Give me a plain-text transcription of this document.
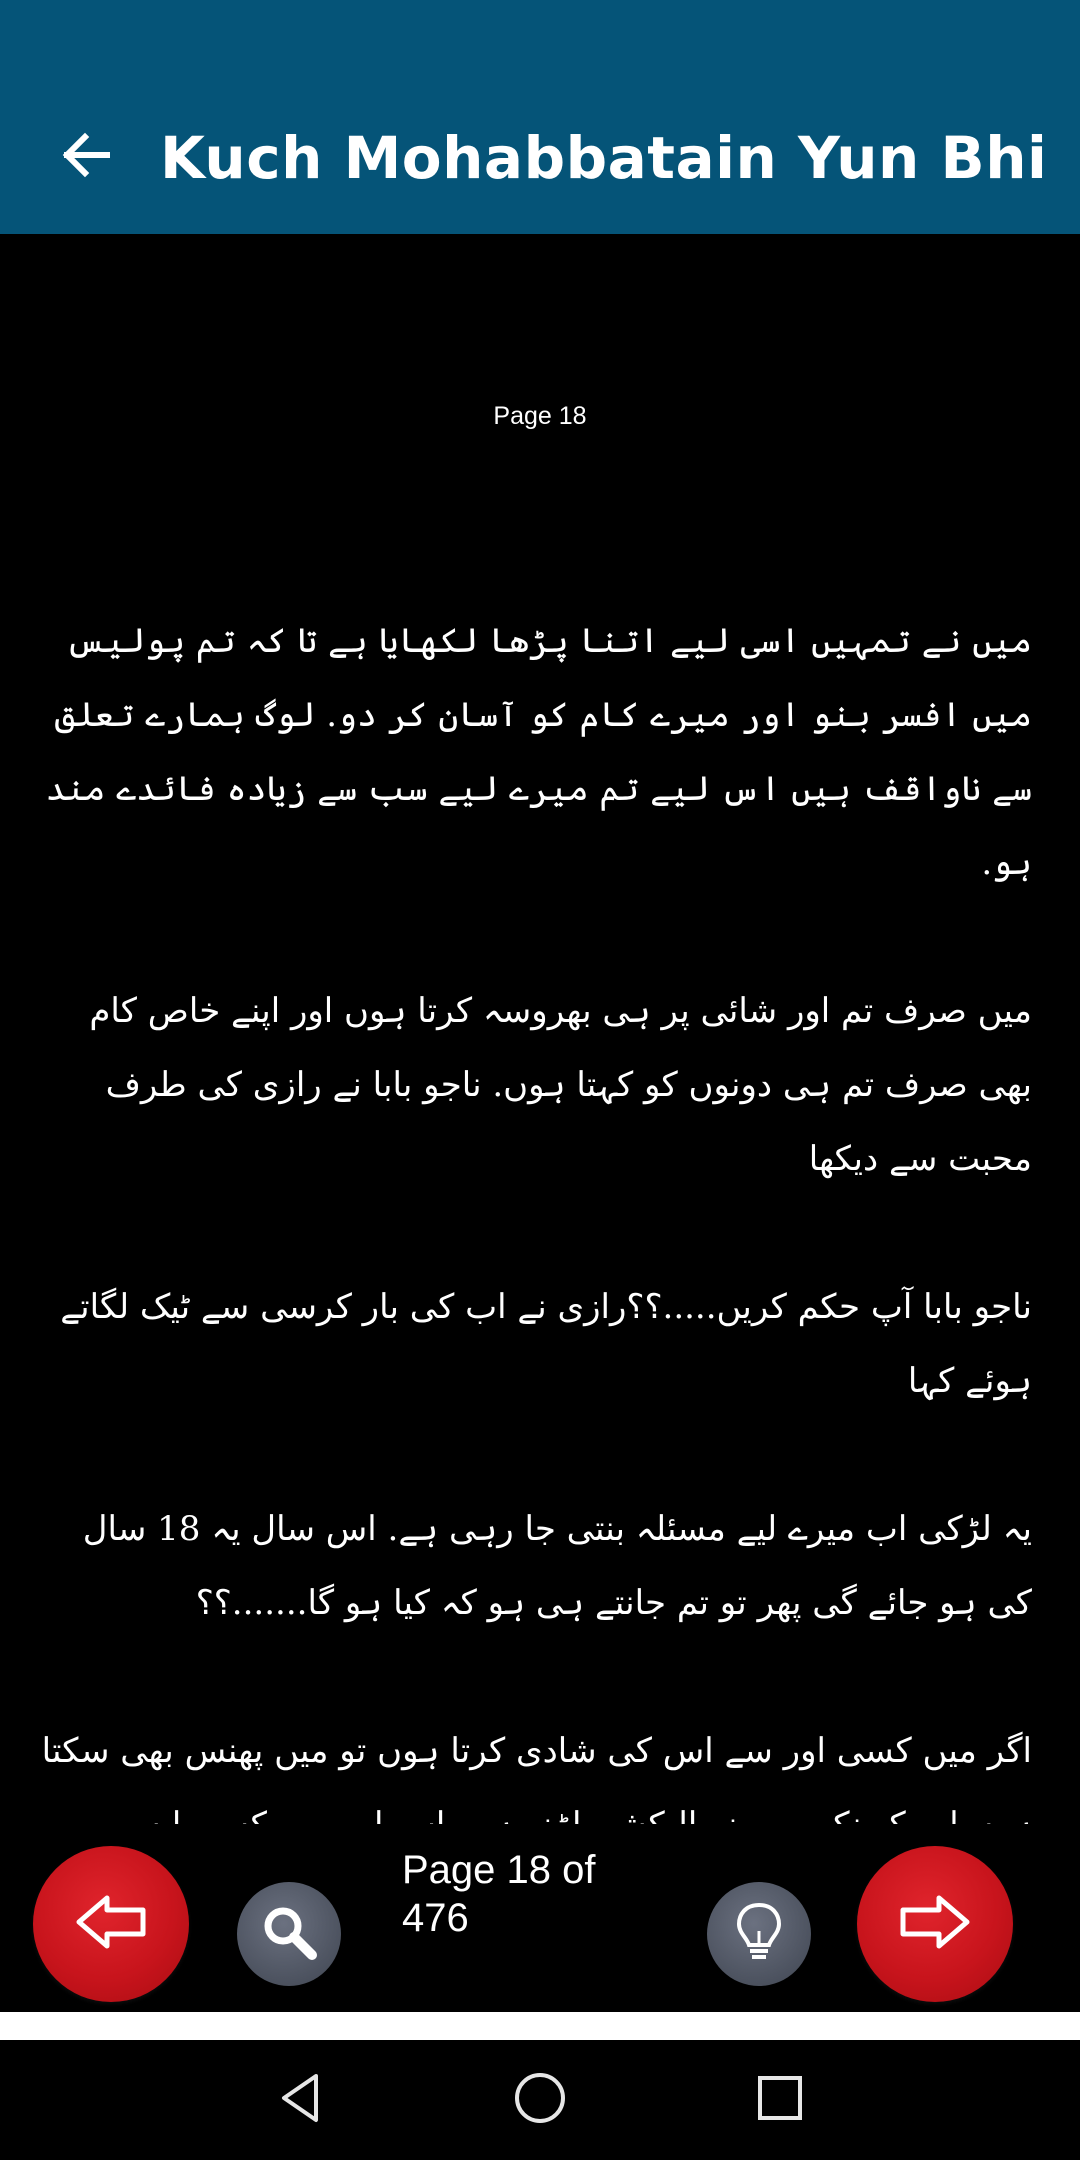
Kuch Mohabbatain Yun Bhi
Page 18

میں نے تمہیں اسی لیے اتنا پڑھا لکھایا ہے تا کہ تم پولیس میں افسر بنو اور میرے کام کو آسان کر دو. لوگ ہمارے تعلق سے ناواقف ہیں اس لیے تم میرے لیے سب سے زیادہ فائدے مند ہو.

میں صرف تم اور شائی پر ہی بھروسہ کرتا ہوں اور اپنے خاص کام بھی صرف تم ہی دونوں کو کہتا ہوں. ناجو بابا نے رازی کی طرف محبت سے دیکھا

ناجو بابا آپ حکم کریں.....؟؟رازی نے اب کی بار کرسی سے ٹیک لگاتے ہوئے کہا

یہ لڑکی اب میرے لیے مسئلہ بنتی جا رہی ہے. اس سال یہ 18 سال کی ہو جائے گی پھر تو تم جانتے ہی ہو کہ کیا ہو گا.......؟؟

اگر میں کسی اور سے اس کی شادی کرتا ہوں تو میں پھنس بھی سکتا

Page 18 of 476
